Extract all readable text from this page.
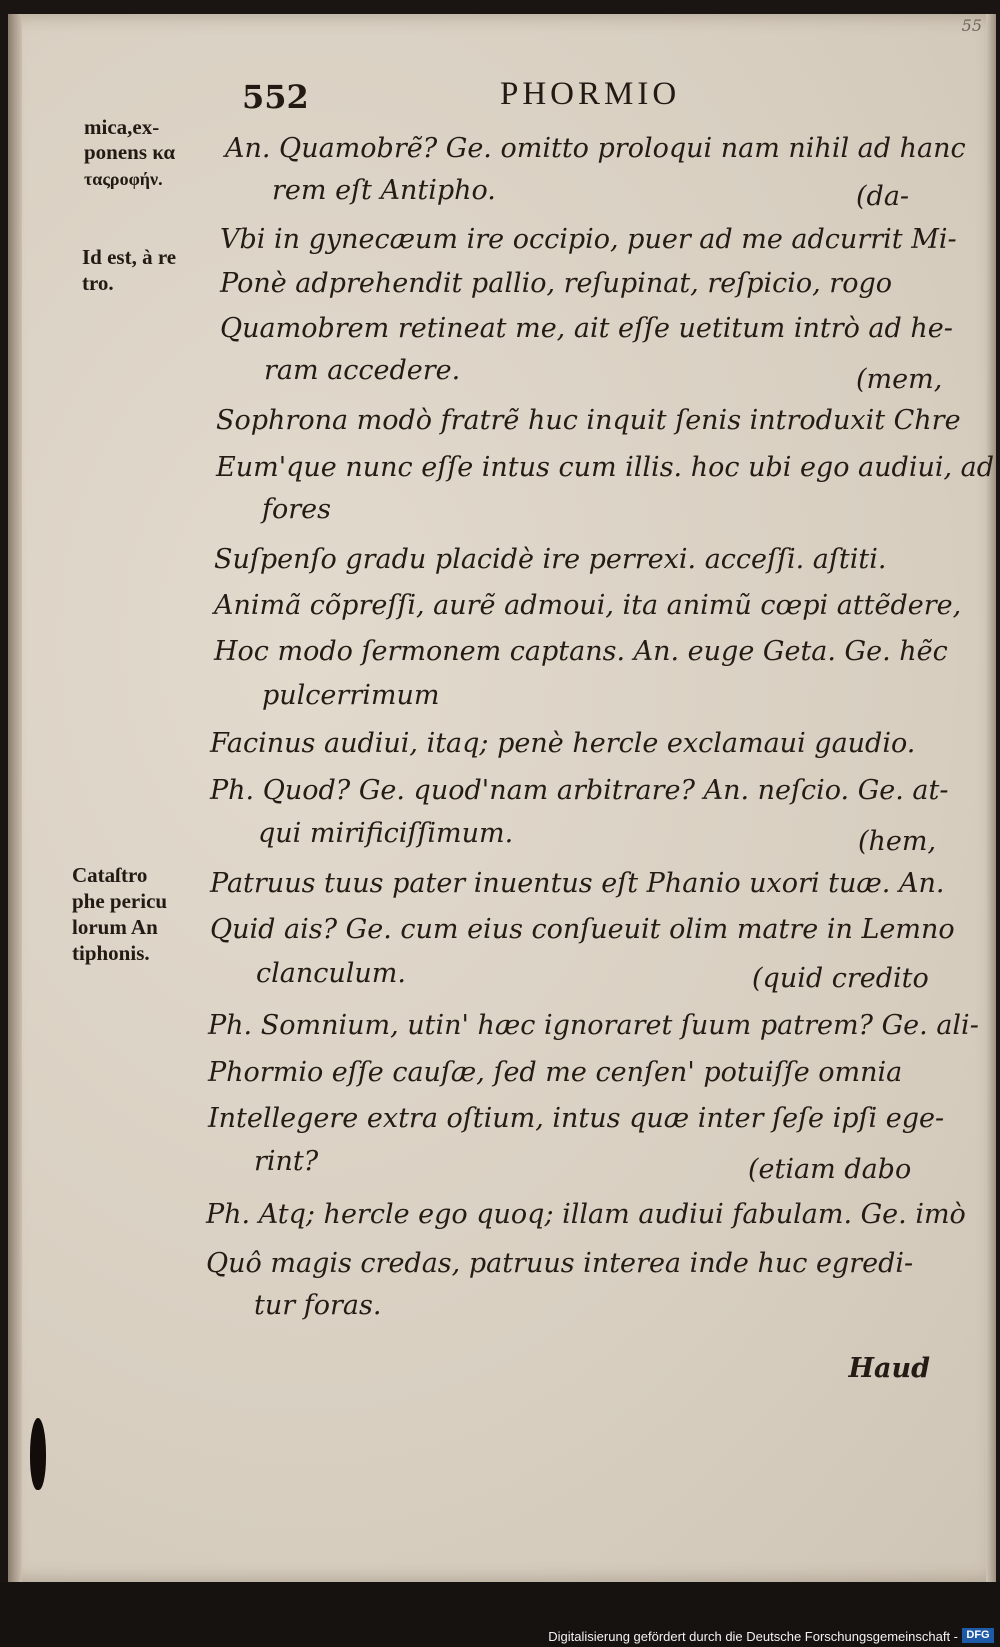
55
552	PHORMIO
mica,ex-
ponens κα
ταςροφήν.
Id est, à re
tro.
Cataſtro
phe pericu
lorum An
tiphonis.
An. Quamobrẽ? Ge. omitto proloqui nam nihil ad hanc
rem eſt Antipho.	(da-
Vbi in gynecæum ire occipio, puer ad me adcurrit Mi-
Ponè adprehendit pallio, reſupinat, reſpicio, rogo
Quamobrem retineat me, ait eſſe uetitum intrò ad he-
ram accedere.	(mem,
Sophrona modò fratrẽ huc inquit ſenis introduxit Chre
Eum'que nunc eſſe intus cum illis. hoc ubi ego audiui, ad
fores
Suſpenſo gradu placidè ire perrexi. acceſſi. aſtiti.
Animã cõpreſſi, aurẽ admoui, ita animũ cœpi attẽdere,
Hoc modo ſermonem captans. An. euge Geta. Ge. hẽc
pulcerrimum
Facinus audiui, itaq; penè hercle exclamaui gaudio.
Ph. Quod? Ge. quod'nam arbitrare? An. neſcio. Ge. at-
qui mirificiſſimum.	(hem,
Patruus tuus pater inuentus eſt Phanio uxori tuæ. An.
Quid ais? Ge. cum eius conſueuit olim matre in Lemno
clanculum.	(quid credito
Ph. Somnium, utin' hæc ignoraret ſuum patrem? Ge. ali-
Phormio eſſe cauſæ, ſed me cenſen' potuiſſe omnia
Intellegere extra oſtium, intus quæ inter ſeſe ipſi ege-
rint?	(etiam dabo
Ph. Atq; hercle ego quoq; illam audiui fabulam. Ge. imò
Quô magis credas, patruus interea inde huc egredi-
tur foras.
Haud
Digitalisierung gefördert durch die Deutsche Forschungsgemeinschaft - DFG
